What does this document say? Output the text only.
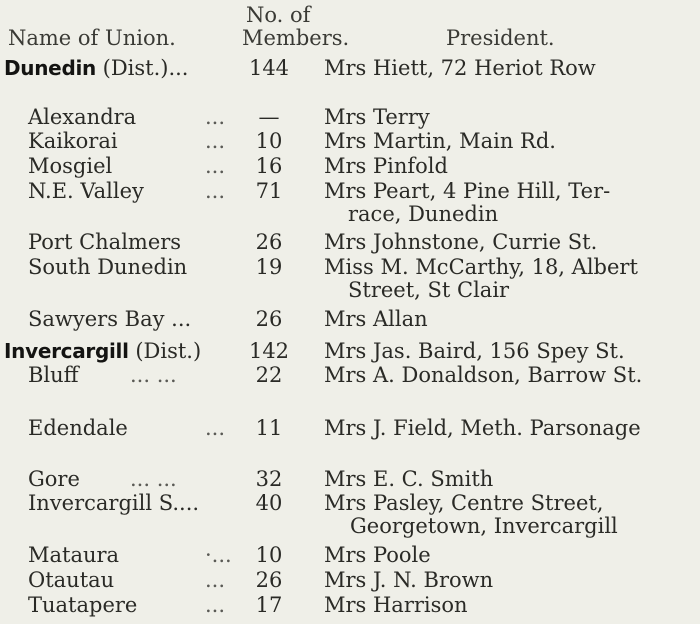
No. of
Name of Union.	Members.	President.
Dunedin (Dist.)...	144	Mrs Hiett, 72 Heriot Row
Alexandra	...	—	Mrs Terry
Kaikorai	...	10	Mrs Martin, Main Rd.
Mosgiel	...	16	Mrs Pinfold
N.E. Valley	...	71	Mrs Peart, 4 Pine Hill, Ter-
race, Dunedin
Port Chalmers	26	Mrs Johnstone, Currie St.
South Dunedin	19	Miss M. McCarthy, 18, Albert
Street, St Clair
Sawyers Bay ...	26	Mrs Allan
Invercargill (Dist.)	142	Mrs Jas. Baird, 156 Spey St.
Bluff ... ...	22	Mrs A. Donaldson, Barrow St.
Edendale	...	11	Mrs J. Field, Meth. Parsonage
Gore ... ...	32	Mrs E. C. Smith
Invercargill S....	40	Mrs Pasley, Centre Street,
Georgetown, Invercargill
Mataura	·...	10	Mrs Poole
Otautau	...	26	Mrs J. N. Brown
Tuatapere	...	17	Mrs Harrison
